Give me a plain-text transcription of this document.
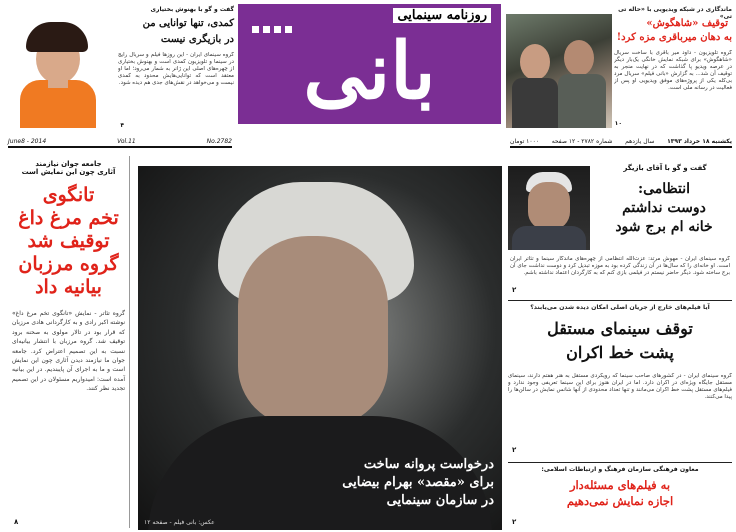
روزنامه سینمایی
بانی
ماندگاری در شبکه ویدیویی با «حاله تی تی»
توقیف «شاهگوش»
به دهان میرباقری مزه کرد!
گروه تلویزیون - داود میر باقری با ساخت سریال «شاهگوش» برای شبکه نمایش خانگی یک‌بار دیگر در عرصه ویدیو پا گذاشت که در نهایت منجر به توقیف آن شد... به گزارش «بانی فیلم» سریال مرد بی‌کله یکی از پروژه‌های موفق ویدیویی او پس از فعالیت در رسانه ملی است.
۱۰
گفت و گو با بهنوش بختیاری
کمدی، تنها توانایی من
در بازیگری نیست
گروه سینمای ایران - این روزها فیلم و سریال رایج در سینما و تلویزیون کمدی است و بهنوش بختیاری از چهره‌های اصلی این ژانر به شمار می‌رود؛ اما او معتقد است که توانایی‌هایش محدود به کمدی نیست و می‌خواهد در نقش‌های جدی هم دیده شود.
۴
یکشنبه ۱۸ خرداد ۱۳۹۳
سال یازدهم
شماره ۲۷۸۲ - ۱۲ صفحه
۱۰۰۰ تومان
June8 - 2014	Vol.11	No.2782
جامعه جوان نیازمند
آثاری چون این نمایش است
تانگوی
تخم مرغ داغ
توقیف شد
گروه مرزبان
بیانیه داد
گروه تئاتر - نمایش «تانگوی تخم مرغ داغ» نوشته اکبر رادی و به کارگردانی هادی مرزبان که قرار بود در تالار مولوی به صحنه برود توقیف شد. گروه مرزبان با انتشار بیانیه‌ای نسبت به این تصمیم اعتراض کرد. جامعه جوان ما نیازمند دیدن آثاری چون این نمایش است و ما به اجرای آن پایبندیم. در این بیانیه آمده است: امیدواریم مسئولان در این تصمیم تجدید نظر کنند.
۸
درخواست پروانه ساخت
برای «مقصد» بهرام بیضایی
در سازمان سینمایی
عکس: بانی فیلم - صفحه ۱۲
گفت و گو با آقای بازیگر
انتظامی:
دوست نداشتم
خانه ام برج شود
گروه سینمای ایران - مهوش مرتد: عزت‌الله انتظامی از چهره‌های ماندگار سینما و تئاتر ایران است. او خانه‌ای را که سال‌ها در آن زندگی کرده بود به موزه تبدیل کرد و دوست نداشت جای آن برج ساخته شود. دیگر حاضر نیستم در فیلمی بازی کنم که به کارگردان اعتماد نداشته باشم.
۲
آیا فیلم‌های خارج از جریان اصلی امکان دیده شدن می‌یابند؟
توقف سینمای مستقل
پشت خط اکران
گروه سینمای ایران - در کشورهای صاحب سینما که رویکردی مستقل به هنر هفتم دارند، سینمای مستقل جایگاه ویژه‌ای در اکران دارد. اما در ایران هنوز برای این سینما تعریفی وجود ندارد و فیلم‌های مستقل پشت خط اکران می‌مانند و تنها تعداد محدودی از آنها شانس نمایش در سالن‌ها را پیدا می‌کنند.
۲
معاون فرهنگی سازمان فرهنگ و ارتباطات اسلامی:
به فیلم‌های مسئله‌دار
اجازه نمایش نمی‌دهیم
۲
